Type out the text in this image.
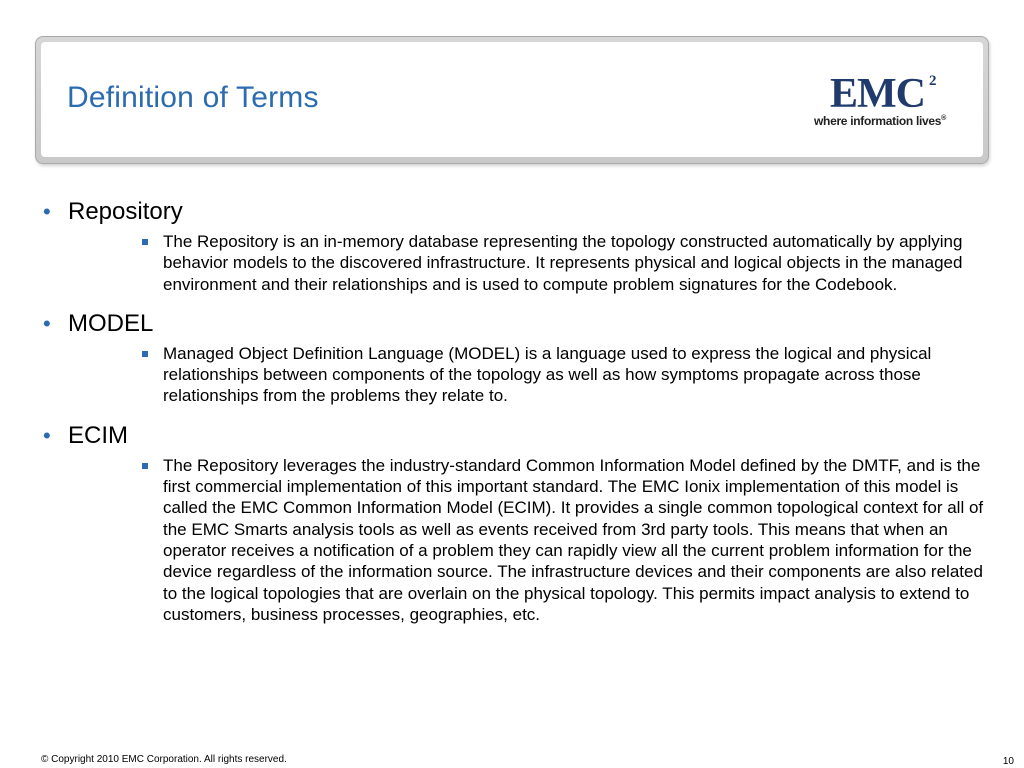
Definition of Terms	EMC 2
where information lives®
• Repository

The Repository is an in-memory database representing the topology constructed automatically by applying behavior models to the discovered infrastructure. It represents physical and logical objects in the managed environment and their relationships and is used to compute problem signatures for the Codebook.

• MODEL

Managed Object Definition Language (MODEL) is a language used to express the logical and physical relationships between components of the topology as well as how symptoms propagate across those relationships from the problems they relate to.

• ECIM

The Repository leverages the industry-standard Common Information Model defined by the DMTF, and is the first commercial implementation of this important standard. The EMC Ionix implementation of this model is called the EMC Common Information Model (ECIM). It provides a single common topological context for all of the EMC Smarts analysis tools as well as events received from 3rd party tools. This means that when an operator receives a notification of a problem they can rapidly view all the current problem information for the device regardless of the information source. The infrastructure devices and their components are also related to the logical topologies that are overlain on the physical topology. This permits impact analysis to extend to customers, business processes, geographies, etc.

© Copyright 2010 EMC Corporation. All rights reserved.	10
